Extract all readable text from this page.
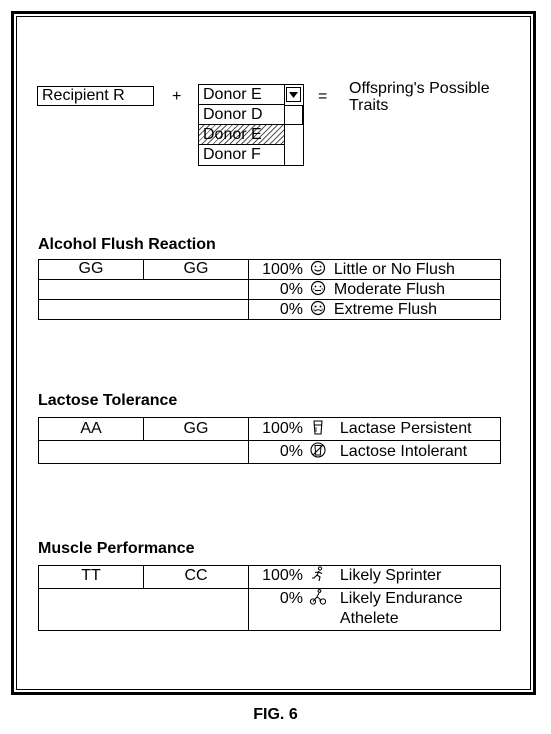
Recipient R	+ Donor E
Donor D
Donor E
Donor F
= Offspring's Possible Traits
Alcohol Flush Reaction
GG	GG	100% Little or No Flush
		0% Moderate Flush
		0% Extreme Flush
Lactose Tolerance
AA	GG	100% Lactase Persistent
		0% Lactose Intolerant
Muscle Performance
TT	CC	100% Likely Sprinter
		0% Likely Endurance
Athelete
FIG. 6
